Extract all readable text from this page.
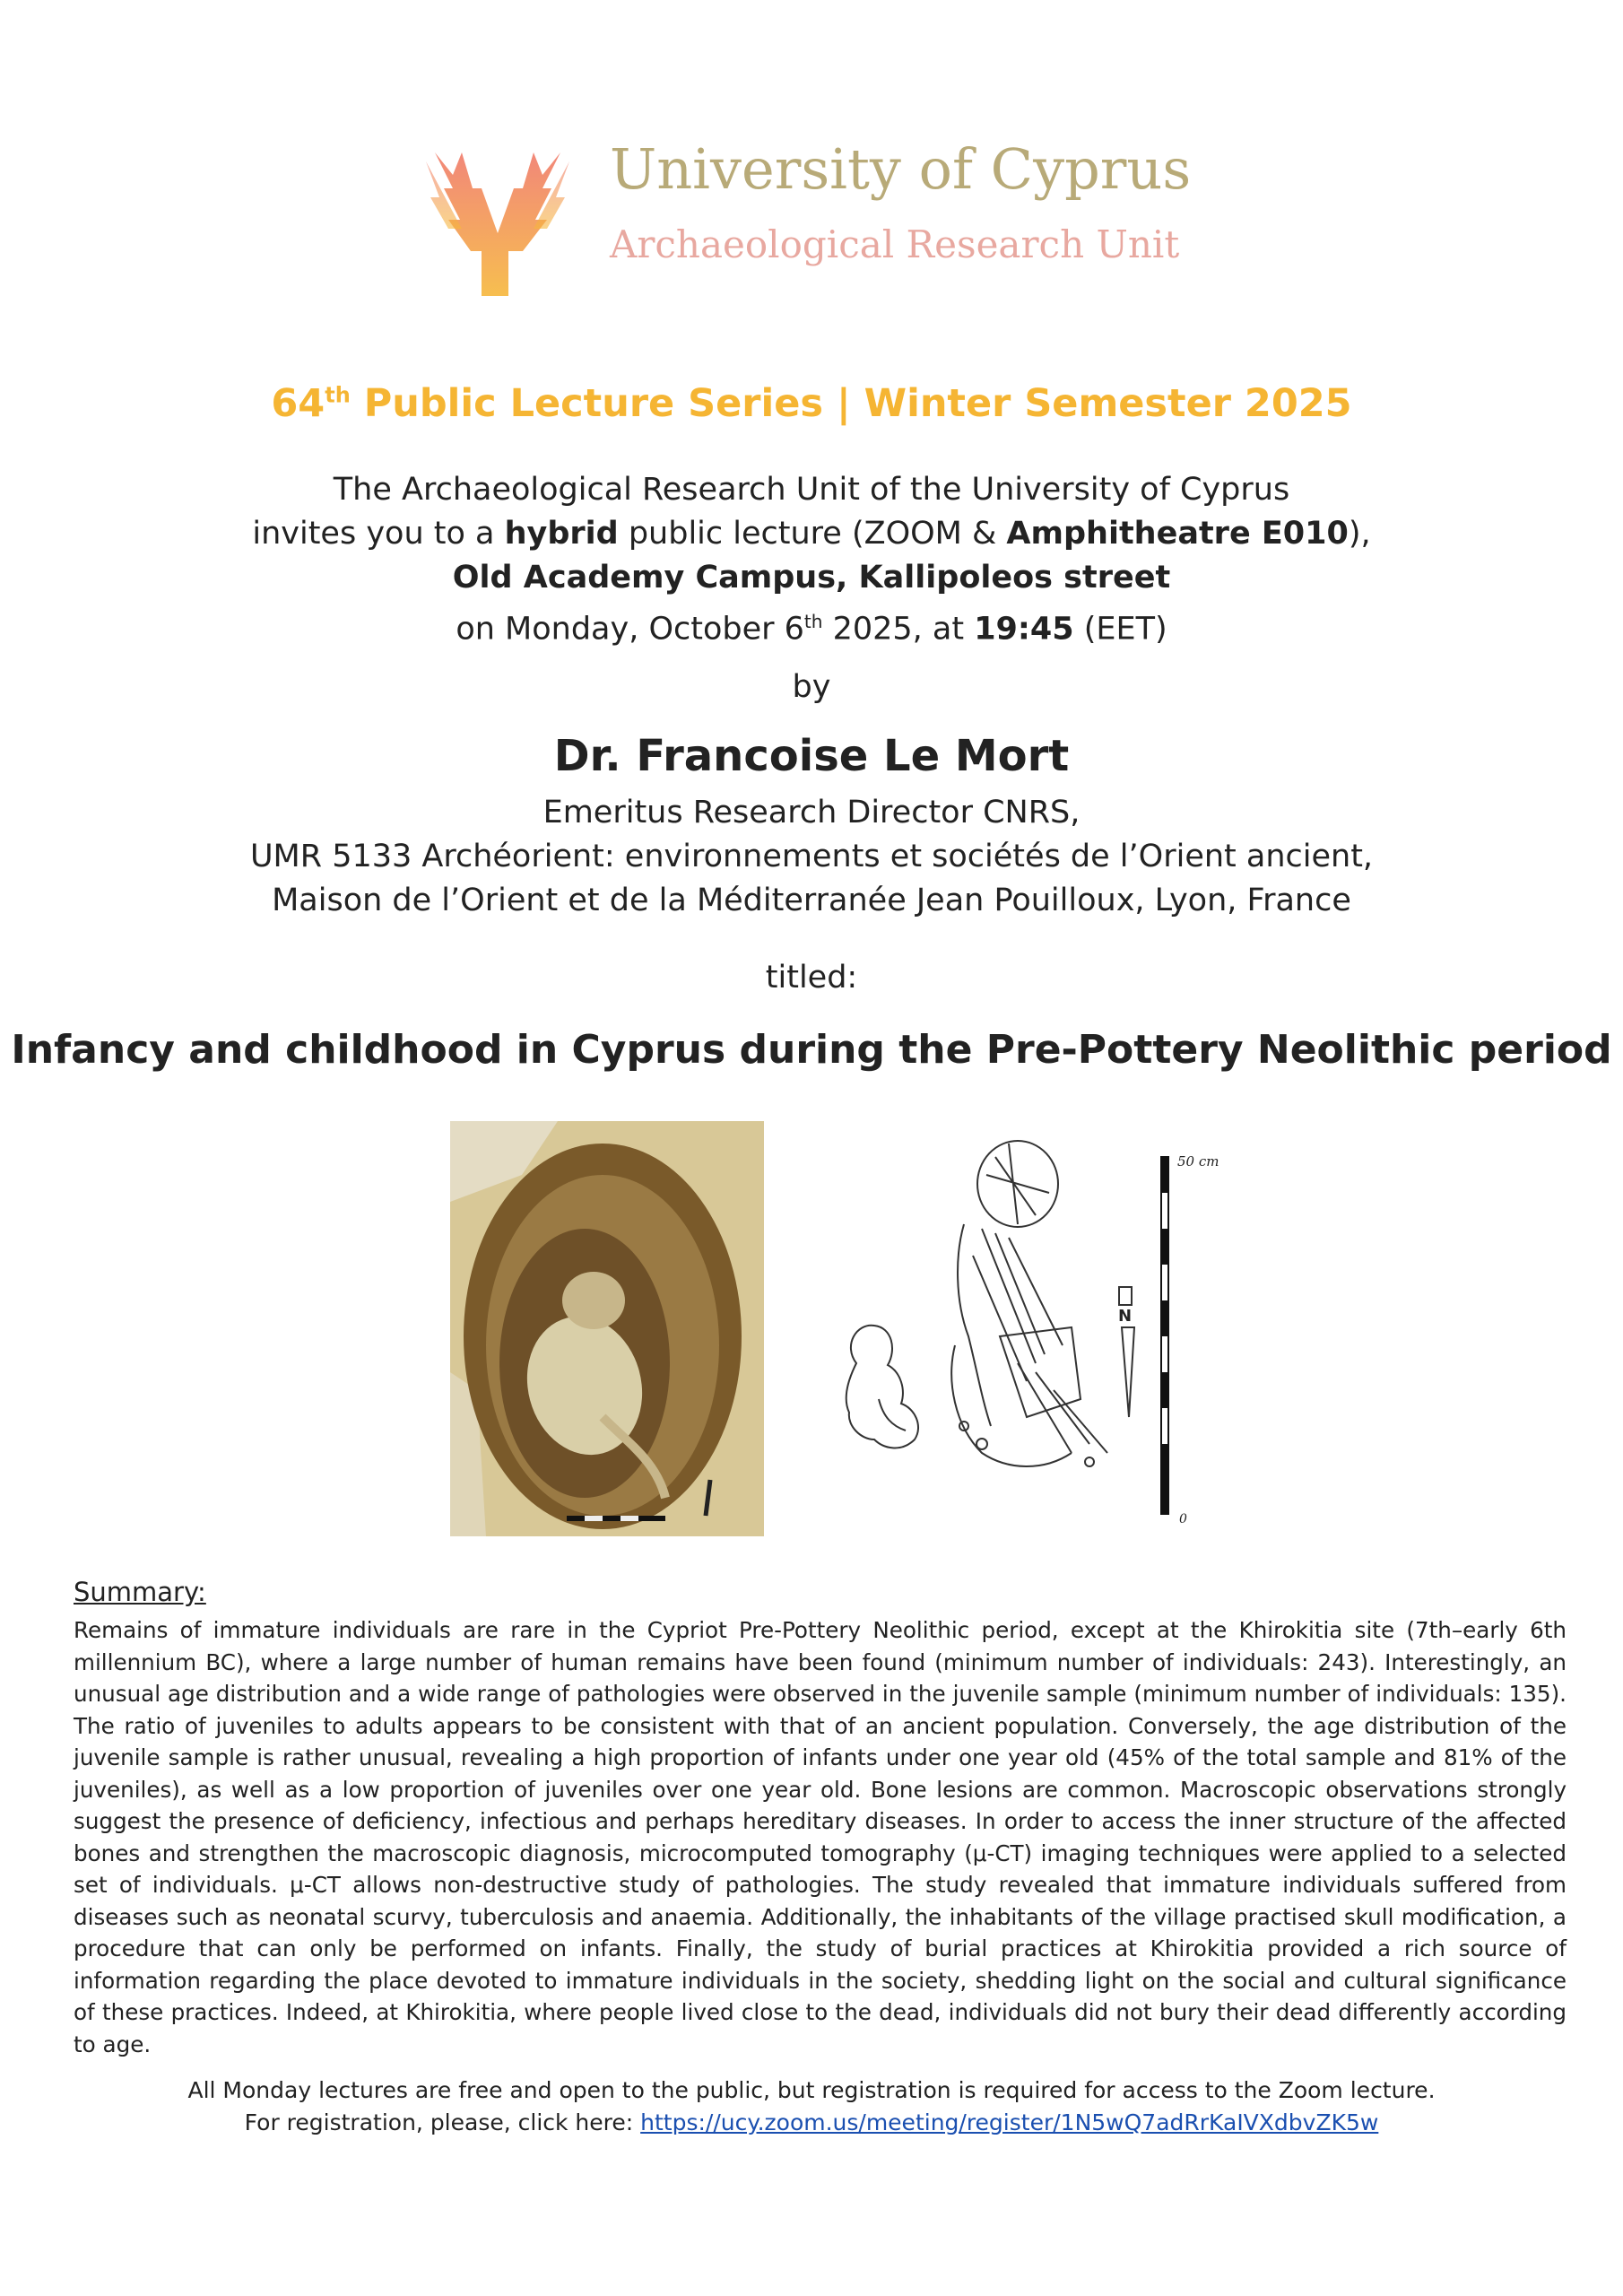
University of Cyprus
Archaeological Research Unit
64th Public Lecture Series | Winter Semester 2025
The Archaeological Research Unit of the University of Cyprus
invites you to a hybrid public lecture (ZOOM & Amphitheatre E010),
Old Academy Campus, Kallipoleos street
on Monday, October 6th 2025, at 19:45 (EET)
by
Dr. Francoise Le Mort
Emeritus Research Director CNRS,
UMR 5133 Archéorient: environnements et sociétés de l’Orient ancient,
Maison de l’Orient et de la Méditerranée Jean Pouilloux, Lyon, France
titled:
Infancy and childhood in Cyprus during the Pre-Pottery Neolithic period
N
50 cm
0
Summary:
Remains of immature individuals are rare in the Cypriot Pre-Pottery Neolithic period, except at the Khirokitia site (7th–early 6th millennium BC), where a large number of human remains have been found (minimum number of individuals: 243). Interestingly, an unusual age distribution and a wide range of pathologies were observed in the juvenile sample (minimum number of individuals: 135). The ratio of juveniles to adults appears to be consistent with that of an ancient population. Conversely, the age distribution of the juvenile sample is rather unusual, revealing a high proportion of infants under one year old (45% of the total sample and 81% of the juveniles), as well as a low proportion of juveniles over one year old. Bone lesions are common. Macroscopic observations strongly suggest the presence of deficiency, infectious and perhaps hereditary diseases. In order to access the inner structure of the affected bones and strengthen the macroscopic diagnosis, microcomputed tomography (μ-CT) imaging techniques were applied to a selected set of individuals. μ-CT allows non-destructive study of pathologies. The study revealed that immature individuals suffered from diseases such as neonatal scurvy, tuberculosis and anaemia. Additionally, the inhabitants of the village practised skull modification, a procedure that can only be performed on infants. Finally, the study of burial practices at Khirokitia provided a rich source of information regarding the place devoted to immature individuals in the society, shedding light on the social and cultural significance of these practices. Indeed, at Khirokitia, where people lived close to the dead, individuals did not bury their dead differently according to age.
All Monday lectures are free and open to the public, but registration is required for access to the Zoom lecture.
For registration, please, click here: https://ucy.zoom.us/meeting/register/1N5wQ7adRrKaIVXdbvZK5w
